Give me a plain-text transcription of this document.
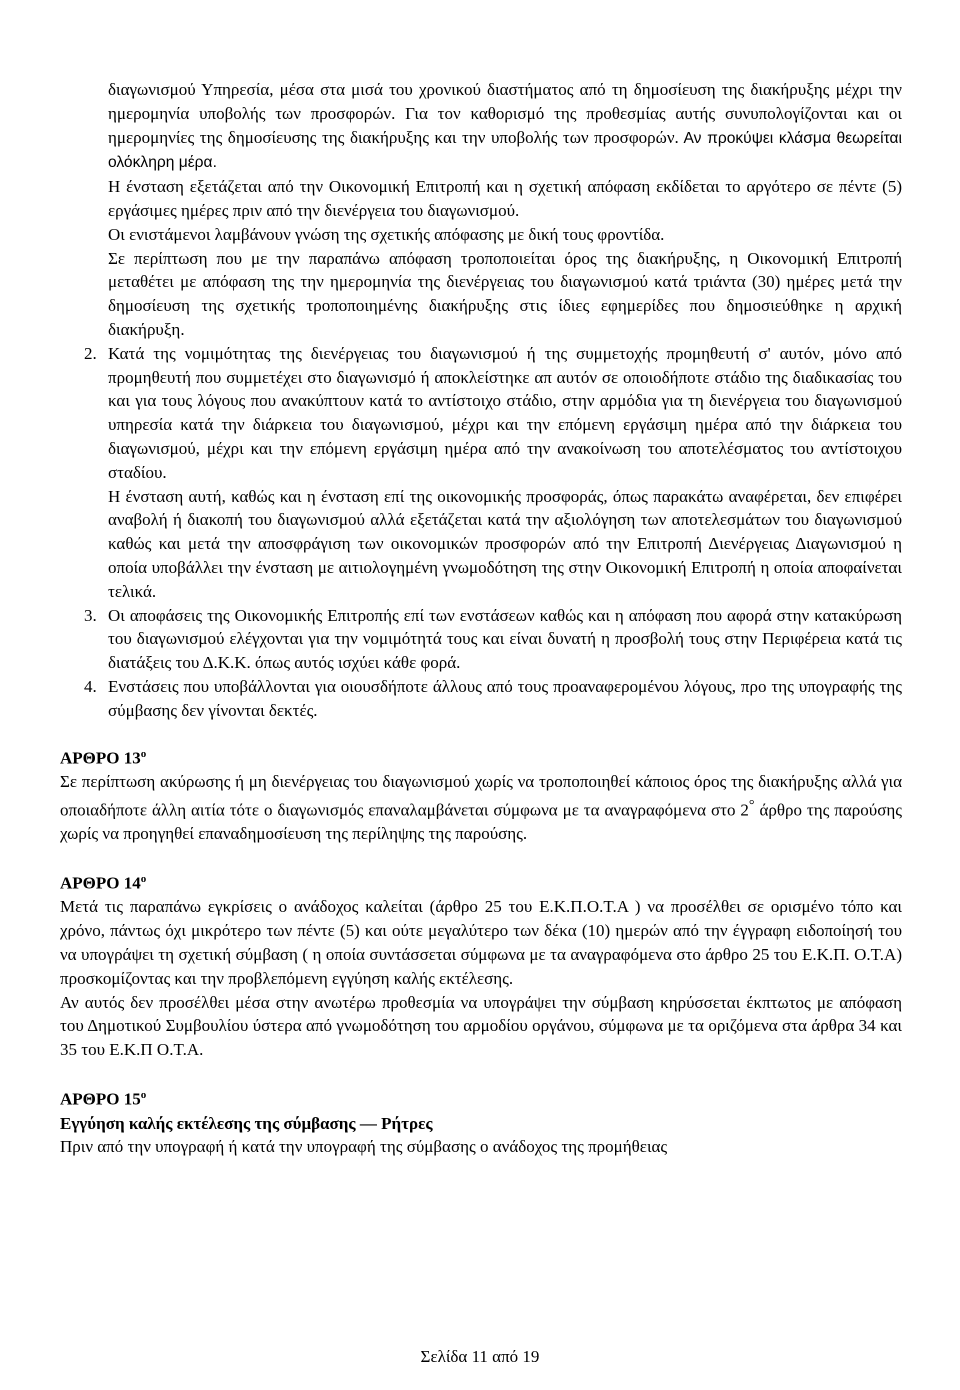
διαγωνισμού Υπηρεσία, μέσα στα μισά του χρονικού διαστήματος από τη δημοσίευση της διακήρυξης μέχρι την ημερομηνία υποβολής των προσφορών. Για τον καθορισμό της προθεσμίας αυτής συνυπολογίζονται και οι ημερομηνίες της δημοσίευσης της διακήρυξης και την υποβολής των προσφορών. Αν προκύψει κλάσμα θεωρείται ολόκληρη μέρα.

Η ένσταση εξετάζεται από την Οικονομική Επιτροπή και η σχετική απόφαση εκδίδεται το αργότερο σε πέντε (5) εργάσιμες ημέρες πριν από την διενέργεια του διαγωνισμού.

Οι ενιστάμενοι λαμβάνουν γνώση της σχετικής απόφασης με δική τους φροντίδα.

Σε περίπτωση που με την παραπάνω απόφαση τροποποιείται όρος της διακήρυξης, η Οικονομική Επιτροπή μεταθέτει με απόφαση της την ημερομηνία της διενέργειας του διαγωνισμού κατά τριάντα (30) ημέρες μετά την δημοσίευση της σχετικής τροποποιημένης διακήρυξης στις ίδιες εφημερίδες που δημοσιεύθηκε η αρχική διακήρυξη.

2. Κατά της νομιμότητας της διενέργειας του διαγωνισμού ή της συμμετοχής προμηθευτή σ' αυτόν, μόνο από προμηθευτή που συμμετέχει στο διαγωνισμό ή αποκλείστηκε απ αυτόν σε οποιοδήποτε στάδιο της διαδικασίας του και για τους λόγους που ανακύπτουν κατά το αντίστοιχο στάδιο, στην αρμόδια για τη διενέργεια του διαγωνισμού υπηρεσία κατά την διάρκεια του διαγωνισμού, μέχρι και την επόμενη εργάσιμη ημέρα από την διάρκεια του διαγωνισμού, μέχρι και την επόμενη εργάσιμη ημέρα από την ανακοίνωση του αποτελέσματος του αντίστοιχου σταδίου.

Η ένσταση αυτή, καθώς και η ένσταση επί της οικονομικής προσφοράς, όπως παρακάτω αναφέρεται, δεν επιφέρει αναβολή ή διακοπή του διαγωνισμού αλλά εξετάζεται κατά την αξιολόγηση των αποτελεσμάτων του διαγωνισμού καθώς και μετά την αποσφράγιση των οικονομικών προσφορών από την Επιτροπή Διενέργειας Διαγωνισμού η οποία υποβάλλει την ένσταση με αιτιολογημένη γνωμοδότηση της στην Οικονομική Επιτροπή η οποία αποφαίνεται τελικά.

3. Οι αποφάσεις της Οικονομικής Επιτροπής επί των ενστάσεων καθώς και η απόφαση που αφορά στην κατακύρωση του διαγωνισμού ελέγχονται για την νομιμότητά τους και είναι δυνατή η προσβολή τους στην Περιφέρεια κατά τις διατάξεις του Δ.Κ.Κ. όπως αυτός ισχύει κάθε φορά.

4. Ενστάσεις που υποβάλλονται για οιουσδήποτε άλλους από τους προαναφερομένου λόγους, προ της υπογραφής της σύμβασης δεν γίνονται δεκτές.

ΑΡΘΡΟ $13^o$

Σε περίπτωση ακύρωσης ή μη διενέργειας του διαγωνισμού χωρίς να τροποποιηθεί κάποιος όρος της διακήρυξης αλλά για οποιαδήποτε άλλη αιτία τότε ο διαγωνισμός επαναλαμβάνεται σύμφωνα με τα αναγραφόμενα στο 2° άρθρο της παρούσης χωρίς να προηγηθεί επαναδημοσίευση της περίληψης της παρούσης.

ΑΡΘΡΟ $14^o$

Μετά τις παραπάνω εγκρίσεις ο ανάδοχος καλείται (άρθρο 25 του Ε.Κ.Π.Ο.Τ.Α ) να προσέλθει σε ορισμένο τόπο και χρόνο, πάντως όχι μικρότερο των πέντε (5) και ούτε μεγαλύτερο των δέκα (10) ημερών από την έγγραφη ειδοποίησή του να υπογράψει τη σχετική σύμβαση ( η οποία συντάσσεται σύμφωνα με τα αναγραφόμενα στο άρθρο 25 του Ε.Κ.Π. Ο.Τ.Α) προσκομίζοντας και την προβλεπόμενη εγγύηση καλής εκτέλεσης.

Αν αυτός δεν προσέλθει μέσα στην ανωτέρω προθεσμία να υπογράψει την σύμβαση κηρύσσεται έκπτωτος με απόφαση του Δημοτικού Συμβουλίου ύστερα από γνωμοδότηση του αρμοδίου οργάνου, σύμφωνα με τα οριζόμενα στα άρθρα 34 και 35 του Ε.Κ.Π Ο.Τ.Α.

ΑΡΘΡΟ $15^o$

Εγγύηση καλής εκτέλεσης της σύμβασης — Ρήτρες

Πριν από την υπογραφή ή κατά την υπογραφή της σύμβασης ο ανάδοχος της προμήθειας

Σελίδα 11 από 19
